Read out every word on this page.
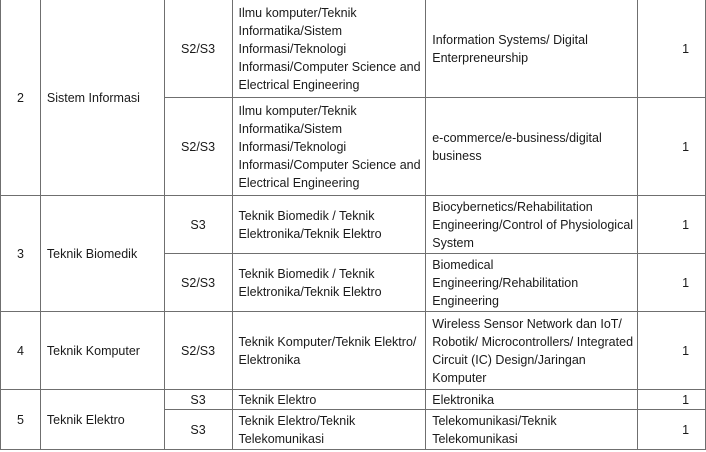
2	Sistem Informasi	S2/S3	Ilmu komputer/Teknik Informatika/Sistem Informasi/Teknologi Informasi/Computer Science and Electrical Engineering	Information Systems/ Digital Enterpreneurship	1
		S2/S3	Ilmu komputer/Teknik Informatika/Sistem Informasi/Teknologi Informasi/Computer Science and Electrical Engineering	e-commerce/e-business/digital business	1
3	Teknik Biomedik	S3	Teknik Biomedik / Teknik Elektronika/Teknik Elektro	Biocybernetics/Rehabilitation Engineering/Control of Physiological System	1
		S2/S3	Teknik Biomedik / Teknik Elektronika/Teknik Elektro	Biomedical Engineering/Rehabilitation Engineering	1
4	Teknik Komputer	S2/S3	Teknik Komputer/Teknik Elektro/ Elektronika	Wireless Sensor Network dan IoT/ Robotik/ Microcontrollers/ Integrated Circuit (IC) Design/Jaringan Komputer	1
5	Teknik Elektro	S3	Teknik Elektro	Elektronika	1
		S3	Teknik Elektro/Teknik Telekomunikasi	Telekomunikasi/Teknik Telekomunikasi	1
